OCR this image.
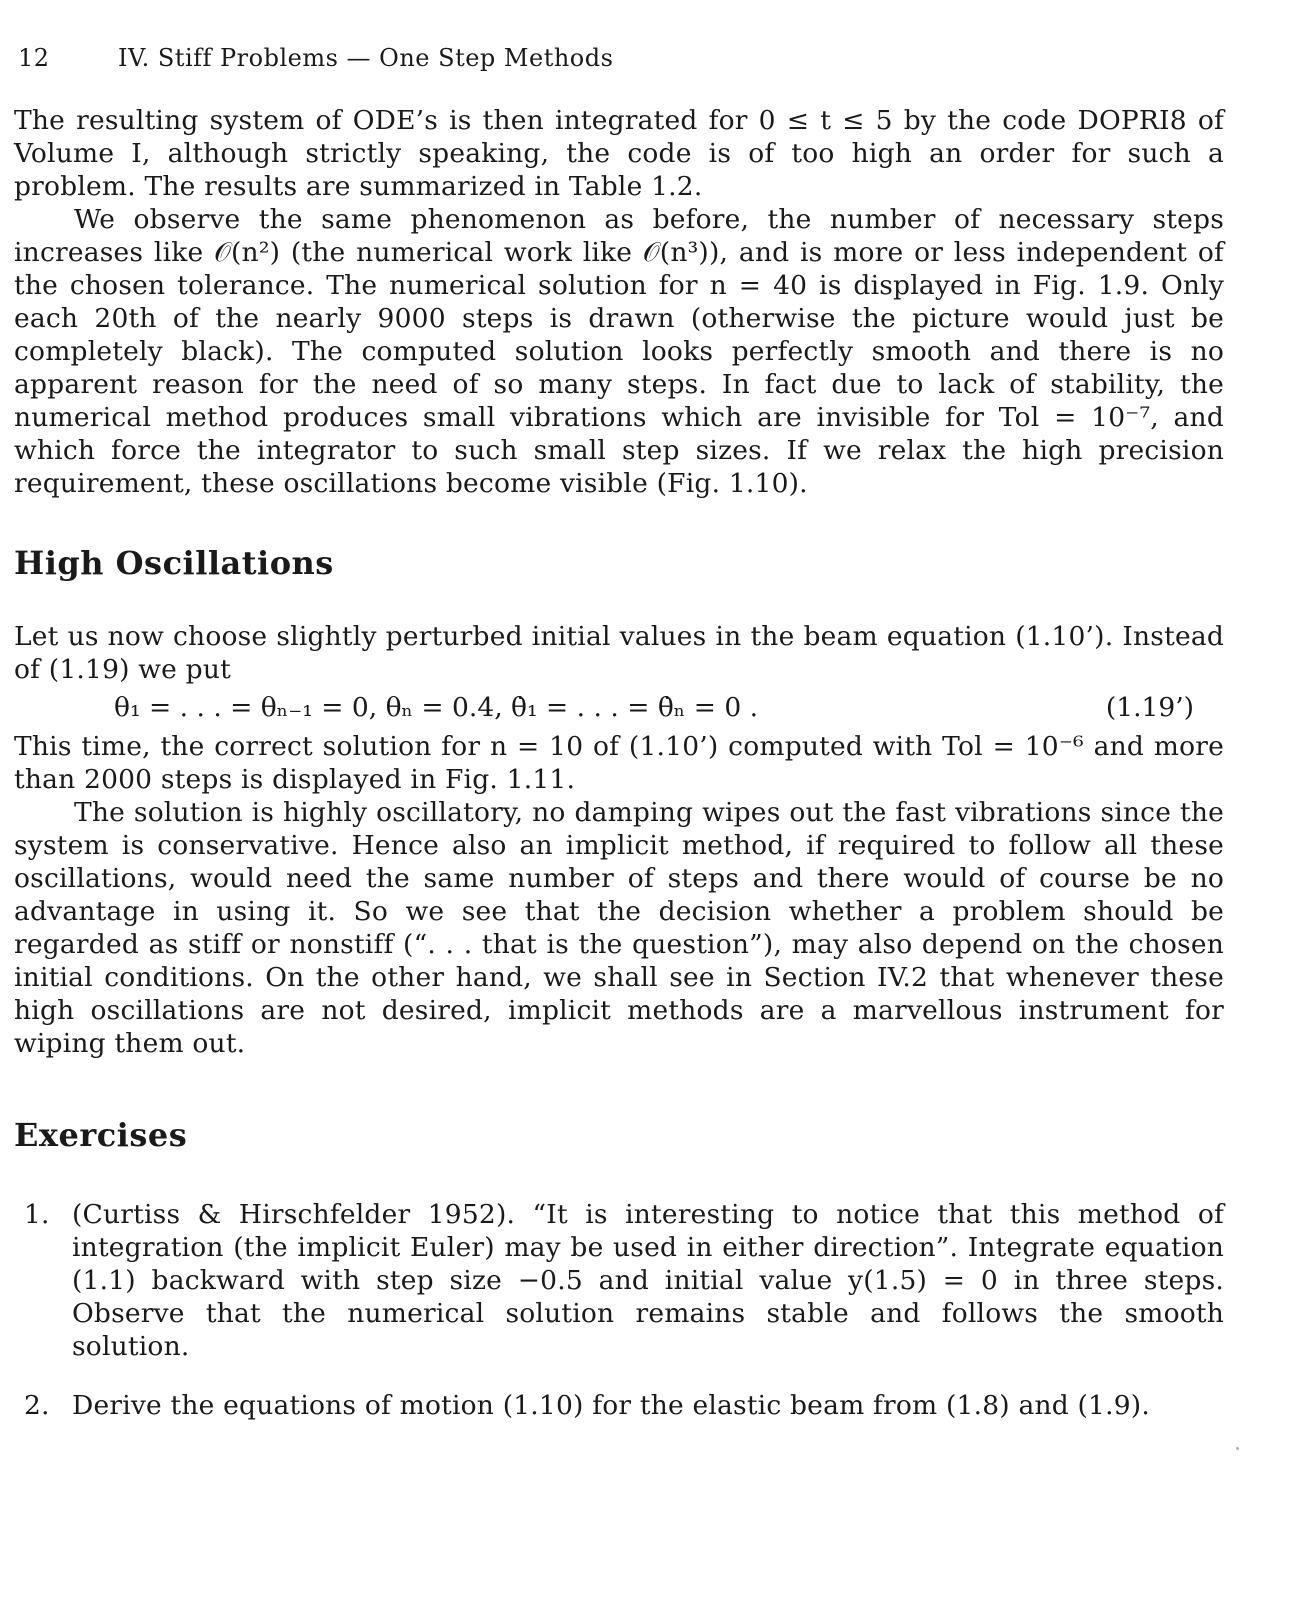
12	IV. Stiff Problems — One Step Methods

The resulting system of ODE’s is then integrated for 0 ≤ t ≤ 5 by the code DOPRI8 of Volume I, although strictly speaking, the code is of too high an order for such a problem. The results are summarized in Table 1.2.

We observe the same phenomenon as before, the number of necessary steps increases like 𝒪(n²) (the numerical work like 𝒪(n³)), and is more or less independent of the chosen tolerance. The numerical solution for n = 40 is displayed in Fig. 1.9. Only each 20th of the nearly 9000 steps is drawn (otherwise the picture would just be completely black). The computed solution looks perfectly smooth and there is no apparent reason for the need of so many steps. In fact due to lack of stability, the numerical method produces small vibrations which are invisible for Tol = 10⁻⁷, and which force the integrator to such small step sizes. If we relax the high precision requirement, these oscillations become visible (Fig. 1.10).

High Oscillations

Let us now choose slightly perturbed initial values in the beam equation (1.10’). Instead of (1.19) we put

θ₁ = . . . = θₙ₋₁ = 0, θₙ = 0.4, θ̇₁ = . . . = θ̇ₙ = 0 .	(1.19’)

This time, the correct solution for n = 10 of (1.10’) computed with Tol = 10⁻⁶ and more than 2000 steps is displayed in Fig. 1.11.

The solution is highly oscillatory, no damping wipes out the fast vibrations since the system is conservative. Hence also an implicit method, if required to follow all these oscillations, would need the same number of steps and there would of course be no advantage in using it. So we see that the decision whether a problem should be regarded as stiff or nonstiff (“. . . that is the question”), may also depend on the chosen initial conditions. On the other hand, we shall see in Section IV.2 that whenever these high oscillations are not desired, implicit methods are a marvellous instrument for wiping them out.

Exercises
1. (Curtiss & Hirschfelder 1952). “It is interesting to notice that this method of integration (the implicit Euler) may be used in either direction”. Integrate equation (1.1) backward with step size −0.5 and initial value y(1.5) = 0 in three steps. Observe that the numerical solution remains stable and follows the smooth solution.
2. Derive the equations of motion (1.10) for the elastic beam from (1.8) and (1.9).
